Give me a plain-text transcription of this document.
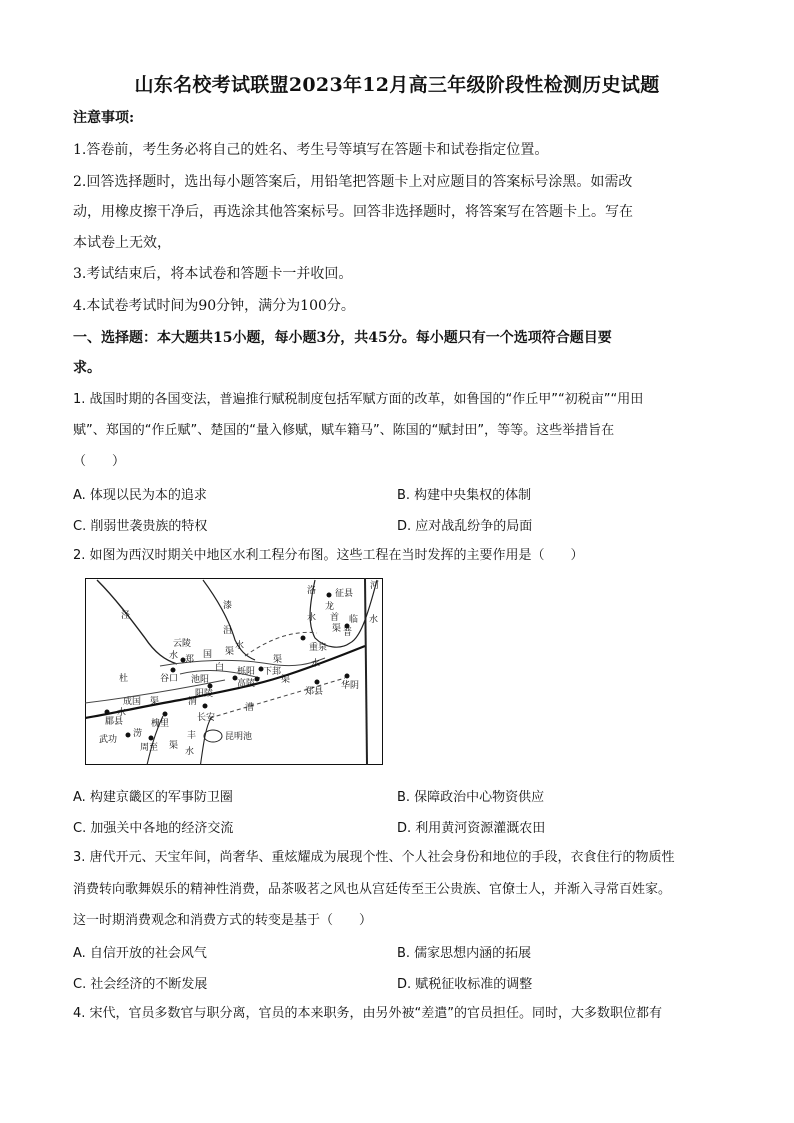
山东名校考试联盟2023年12月高三年级阶段性检测历史试题
注意事项:
1.答卷前，考生务必将自己的姓名、考生号等填写在答题卡和试卷指定位置。
2.回答选择题时，选出每小题答案后，用铅笔把答题卡上对应题目的答案标号涂黑。如需改
动，用橡皮擦干净后，再选涂其他答案标号。回答非选择题时，将答案写在答题卡上。写在
本试卷上无效，
3.考试结束后，将本试卷和答题卡一并收回。
4.本试卷考试时间为90分钟，满分为100分。
一、选择题：本大题共15小题，每小题3分，共45分。每小题只有一个选项符合题目要
求。
1. 战国时期的各国变法，普遍推行赋税制度包括军赋方面的改革，如鲁国的“作丘甲”“初税亩”“用田
赋”、郑国的“作丘赋”、楚国的“量入修赋，赋车籍马”、陈国的“赋封田”，等等。这些举措旨在
（　　）
A. 体现以民为本的追求	B. 构建中央集权的体制
C. 削弱世袭贵族的特权	D. 应对战乱纷争的局面
2. 如图为西汉时期关中地区水利工程分布图。这些工程在当时发挥的主要作用是（　　）
泾
漆
沮
水
洛 征县
龙
首
渠
水	临
晋
河
水
云陵
水 郑 国 渠
白
渠
重泉
谷口 池阳
栎阳 下邽
高陵
杜
阳陵
水
郿县
成国
水
渠	渭
渠
郑县
华阴
槐里
长安
漕
昆明池
武功
涝
周至
丰
水
渠
A. 构建京畿区的军事防卫圈	B. 保障政治中心物资供应
C. 加强关中各地的经济交流	D. 利用黄河资源灌溉农田
3. 唐代开元、天宝年间，尚奢华、重炫耀成为展现个性、个人社会身份和地位的手段，衣食住行的物质性
消费转向歌舞娱乐的精神性消费，品茶吸茗之风也从宫廷传至王公贵族、官僚士人，并渐入寻常百姓家。
这一时期消费观念和消费方式的转变是基于（　　）
A. 自信开放的社会风气	B. 儒家思想内涵的拓展
C. 社会经济的不断发展	D. 赋税征收标准的调整
4. 宋代，官员多数官与职分离，官员的本来职务，由另外被“差遣”的官员担任。同时，大多数职位都有
